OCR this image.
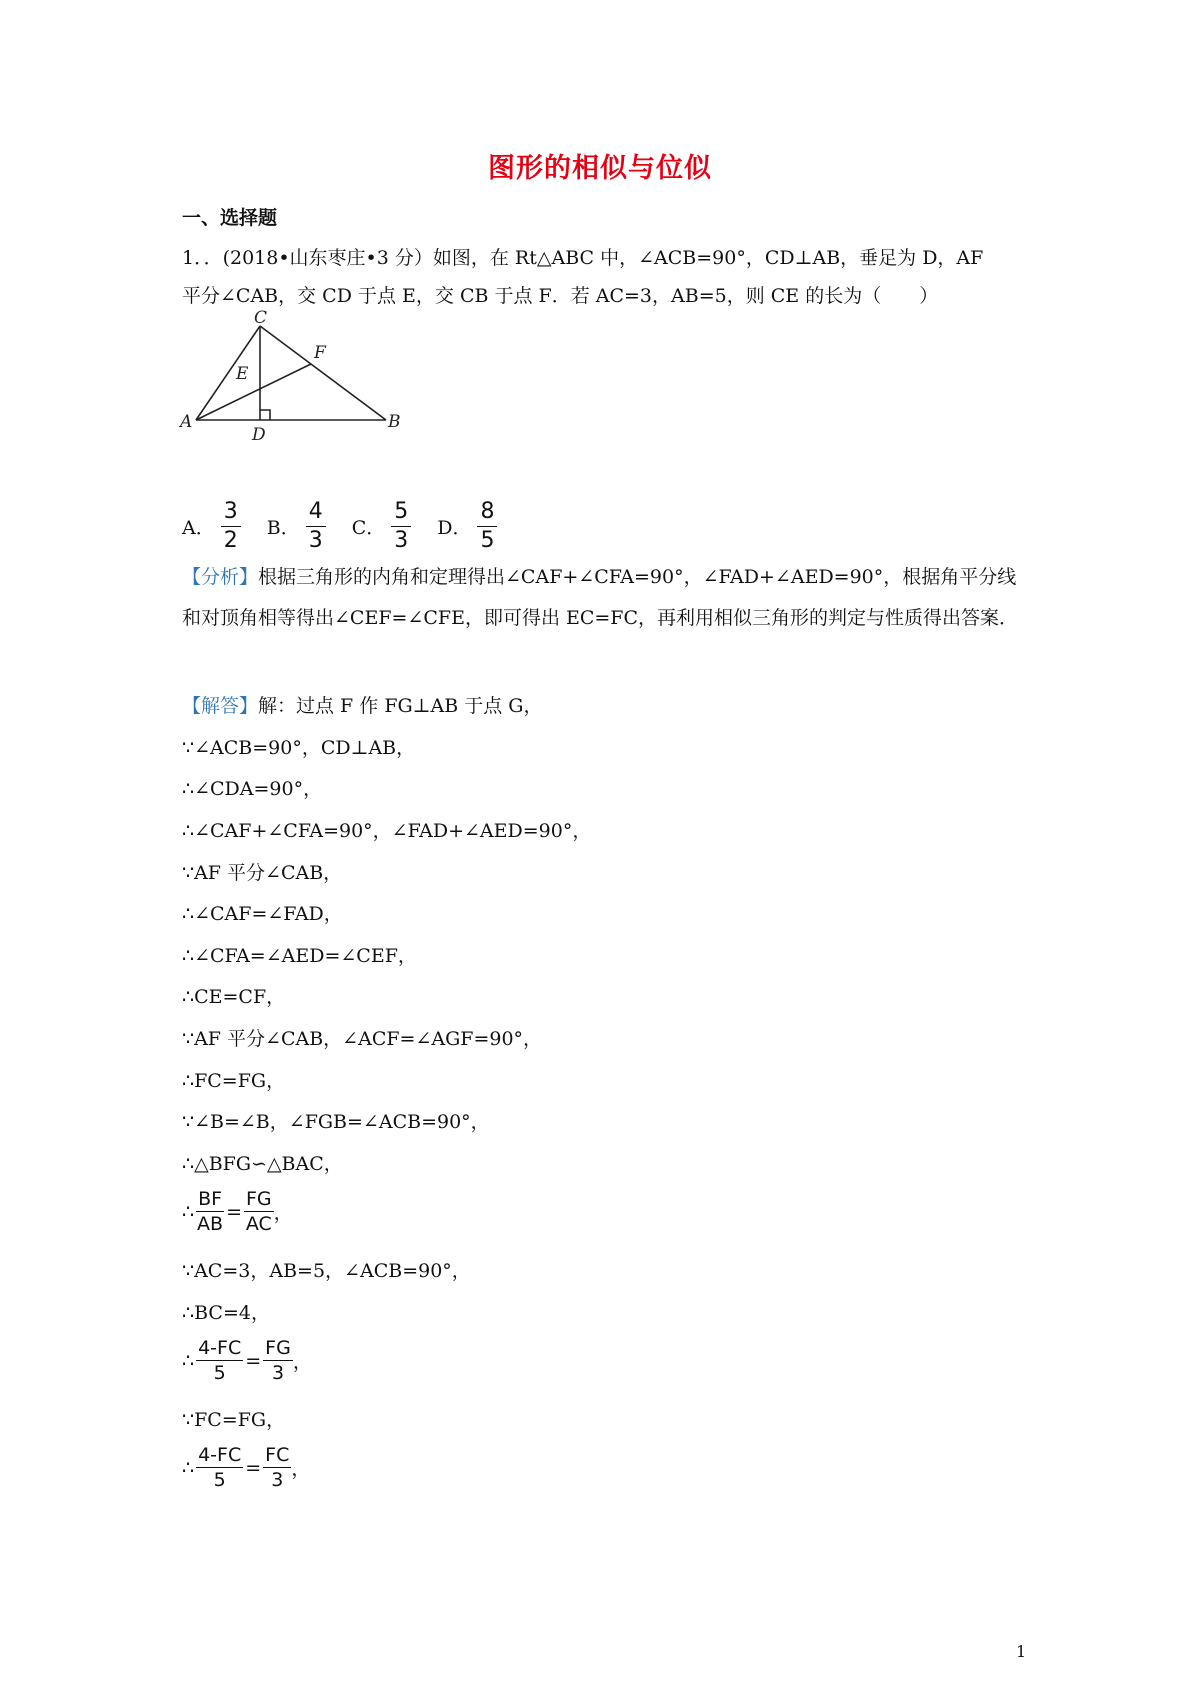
图形的相似与位似
一、选择题
1．．(2018•山东枣庄•3 分）如图，在 Rt△ABC 中，∠ACB=90°，CD⊥AB，垂足为 D，AF
平分∠CAB，交 CD 于点 E，交 CB 于点 F．若 AC=3，AB=5，则 CE 的长为（　　）
C
F
E
A
D
B
A． $\frac{3}{2}$ B． $\frac{4}{3}$ C． $\frac{5}{3}$ D． $\frac{8}{5}$
【分析】根据三角形的内角和定理得出∠CAF+∠CFA=90°，∠FAD+∠AED=90°，根据角平分线和对顶角相等得出∠CEF=∠CFE，即可得出 EC=FC，再利用相似三角形的判定与性质得出答案．
【解答】解：过点 F 作 FG⊥AB 于点 G，
∵∠ACB=90°，CD⊥AB，
∴∠CDA=90°，
∴∠CAF+∠CFA=90°，∠FAD+∠AED=90°，
∵AF 平分∠CAB，
∴∠CAF=∠FAD，
∴∠CFA=∠AED=∠CEF，
∴CE=CF，
∵AF 平分∠CAB，∠ACF=∠AGF=90°，
∴FC=FG，
∵∠B=∠B，∠FGB=∠ACB=90°，
∴△BFG∽△BAC，
∴ $\frac{BF}{AB} = \frac{FG}{AC}$ ，
∵AC=3，AB=5，∠ACB=90°，
∴BC=4，
∴ $\frac{4-FC}{5} = \frac{FG}{3}$ ，
∵FC=FG，
∴ $\frac{4-FC}{5} = \frac{FC}{3}$ ，
1
